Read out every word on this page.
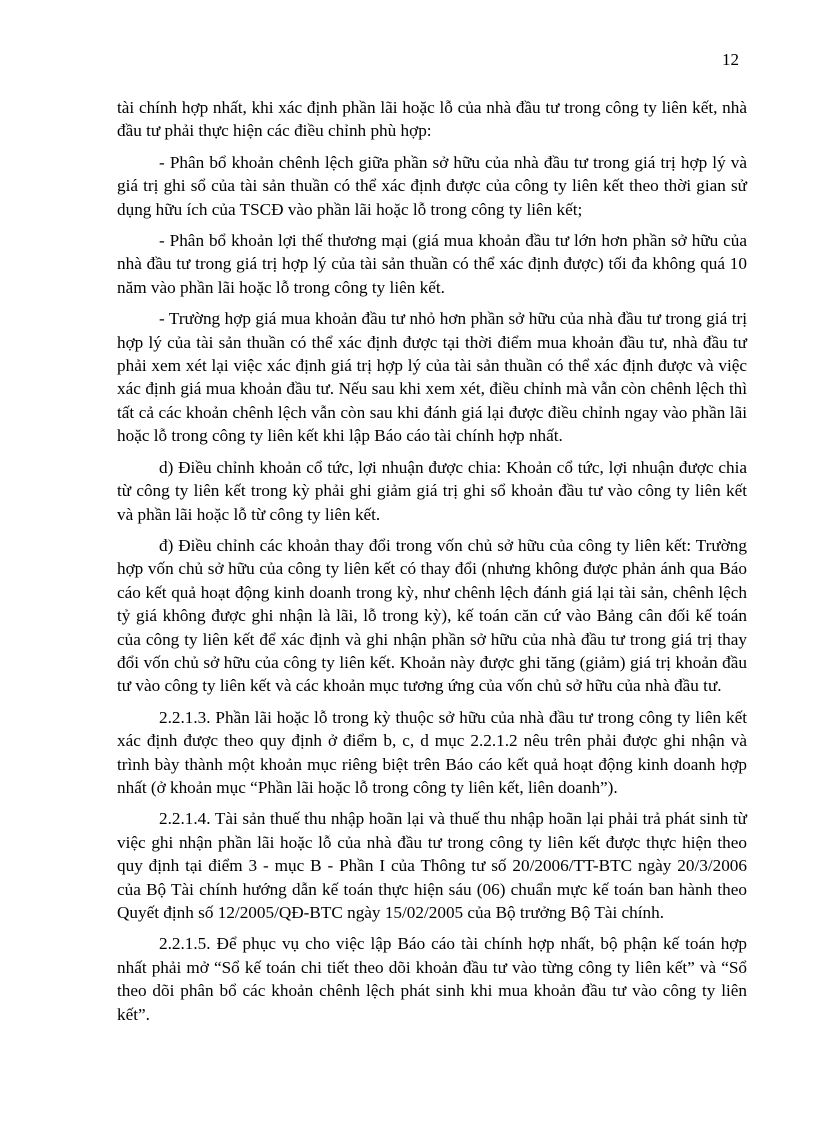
12

tài chính hợp nhất, khi xác định phần lãi hoặc lỗ của nhà đầu tư trong công ty liên kết, nhà đầu tư phải thực hiện các điều chỉnh phù hợp:

- Phân bổ khoản chênh lệch giữa phần sở hữu của nhà đầu tư trong giá trị hợp lý và giá trị ghi sổ của tài sản thuần có thể xác định được của công ty liên kết theo thời gian sử dụng hữu ích của TSCĐ vào phần lãi hoặc lỗ trong công ty liên kết;

- Phân bổ khoản lợi thế thương mại (giá mua khoản đầu tư lớn hơn phần sở hữu của nhà đầu tư trong giá trị hợp lý của tài sản thuần có thể xác định được) tối đa không quá 10 năm vào phần lãi hoặc lỗ trong công ty liên kết.

- Trường hợp giá mua khoản đầu tư nhỏ hơn phần sở hữu của nhà đầu tư trong giá trị hợp lý của tài sản thuần có thể xác định được tại thời điểm mua khoản đầu tư, nhà đầu tư phải xem xét lại việc xác định giá trị hợp lý của tài sản thuần có thể xác định được và việc xác định giá mua khoản đầu tư. Nếu sau khi xem xét, điều chỉnh mà vẫn còn chênh lệch thì tất cả các khoản chênh lệch vẫn còn sau khi đánh giá lại được điều chỉnh ngay vào phần lãi hoặc lỗ trong công ty liên kết khi lập Báo cáo tài chính hợp nhất.

d) Điều chỉnh khoản cổ tức, lợi nhuận được chia: Khoản cổ tức, lợi nhuận được chia từ công ty liên kết trong kỳ phải ghi giảm giá trị ghi sổ khoản đầu tư vào công ty liên kết và phần lãi hoặc lỗ từ công ty liên kết.

đ) Điều chỉnh các khoản thay đổi trong vốn chủ sở hữu của công ty liên kết: Trường hợp vốn chủ sở hữu của công ty liên kết có thay đổi (nhưng không được phản ánh qua Báo cáo kết quả hoạt động kinh doanh trong kỳ, như chênh lệch đánh giá lại tài sản, chênh lệch tỷ giá không được ghi nhận là lãi, lỗ trong kỳ), kế toán căn cứ vào Bảng cân đối kế toán của công ty liên kết để xác định và ghi nhận phần sở hữu của nhà đầu tư trong giá trị thay đổi vốn chủ sở hữu của công ty liên kết. Khoản này được ghi tăng (giảm) giá trị khoản đầu tư vào công ty liên kết và các khoản mục tương ứng của vốn chủ sở hữu của nhà đầu tư.

2.2.1.3. Phần lãi hoặc lỗ trong kỳ thuộc sở hữu của nhà đầu tư trong công ty liên kết xác định được theo quy định ở điểm b, c, d mục 2.2.1.2 nêu trên phải được ghi nhận và trình bày thành một khoản mục riêng biệt trên Báo cáo kết quả hoạt động kinh doanh hợp nhất (ở khoản mục “Phần lãi hoặc lỗ trong công ty liên kết, liên doanh”).

2.2.1.4. Tài sản thuế thu nhập hoãn lại và thuế thu nhập hoãn lại phải trả phát sinh từ việc ghi nhận phần lãi hoặc lỗ của nhà đầu tư trong công ty liên kết được thực hiện theo quy định tại điểm 3 - mục B - Phần I của Thông tư số 20/2006/TT-BTC ngày 20/3/2006 của Bộ Tài chính hướng dẫn kế toán thực hiện sáu (06) chuẩn mực kế toán ban hành theo Quyết định số 12/2005/QĐ-BTC ngày 15/02/2005 của Bộ trưởng Bộ Tài chính.

2.2.1.5. Để phục vụ cho việc lập Báo cáo tài chính hợp nhất, bộ phận kế toán hợp nhất phải mở “Sổ kế toán chi tiết theo dõi khoản đầu tư vào từng công ty liên kết” và “Sổ theo dõi phân bổ các khoản chênh lệch phát sinh khi mua khoản đầu tư vào công ty liên kết”.
